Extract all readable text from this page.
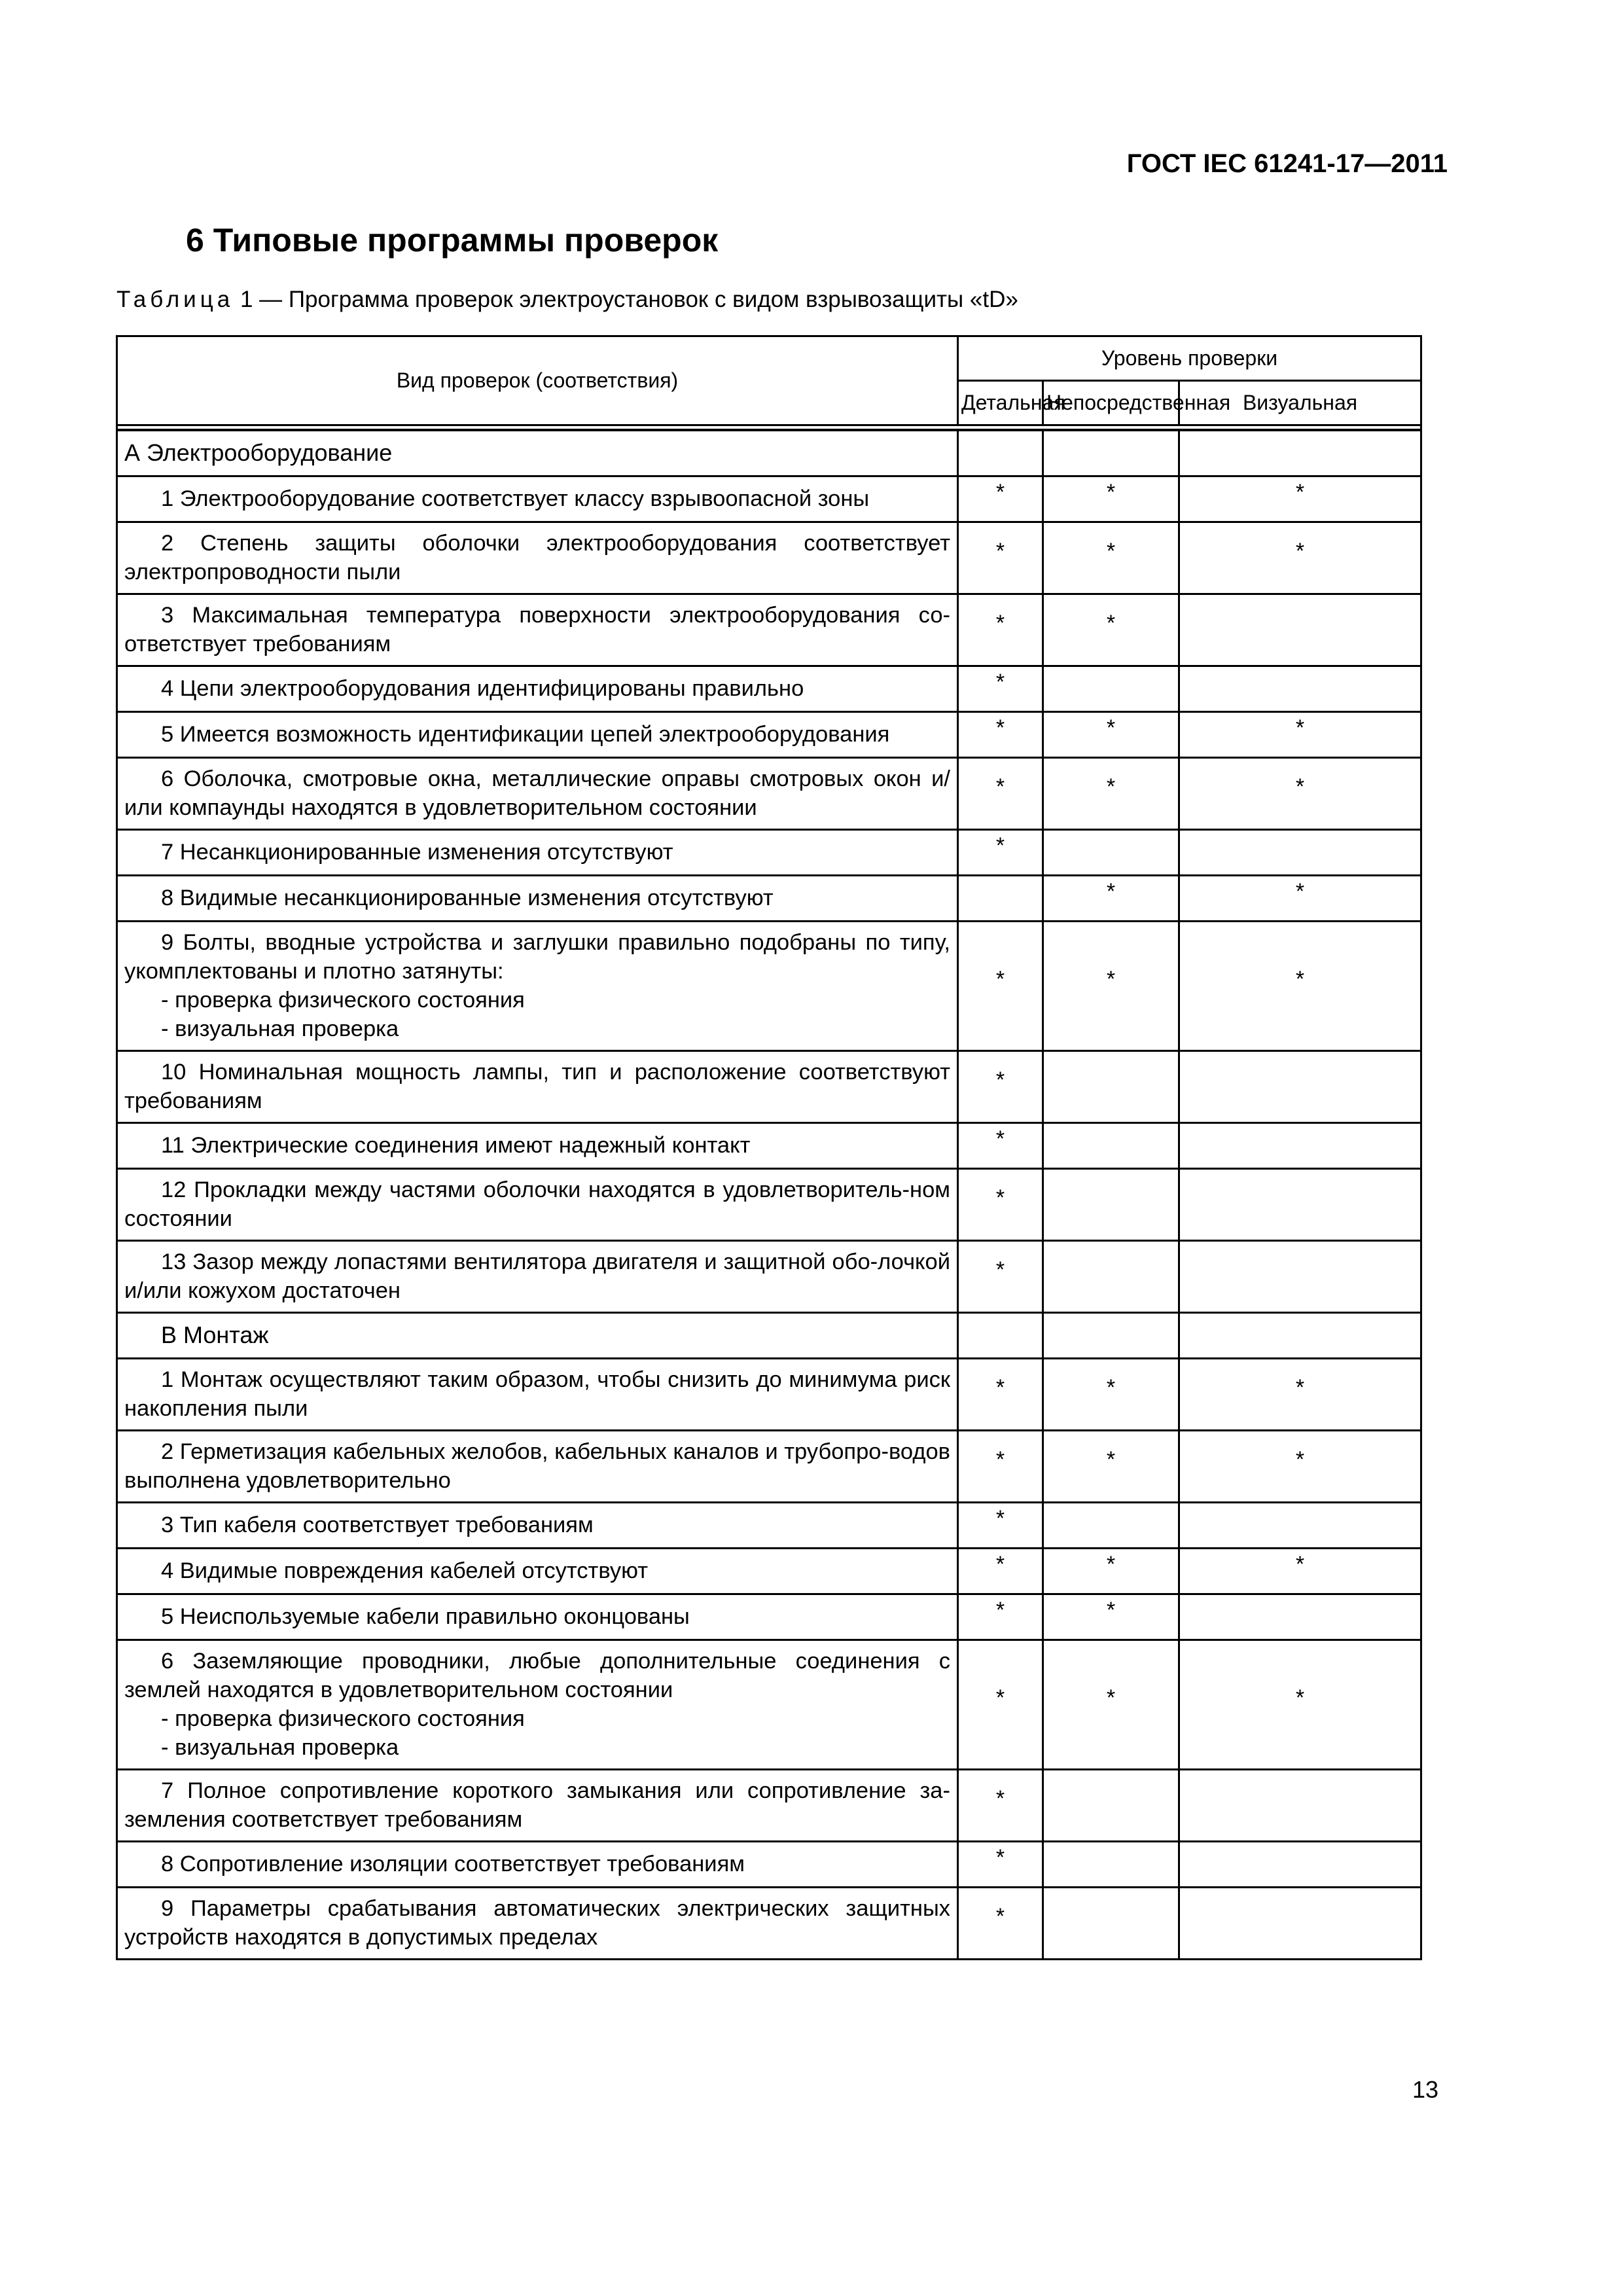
ГОСТ IEC 61241-17—2011
6 Типовые программы проверок
Таблица 1 — Программа проверок электроустановок с видом взрывозащиты «tD»
Вид проверок (соответствия)	Уровень проверки		
	Детальная	Непосредственная	Визуальная

А Электрооборудование			

1 Электрооборудование соответствует классу взрывоопасной зоны	*	*	*

2 Степень защиты оболочки электрооборудования соответствует электропроводности пыли	*	*	*

3 Максимальная температура поверхности электрооборудования со-ответствует требованиям	*	*	

4 Цепи электрооборудования идентифицированы правильно	*		

5 Имеется возможность идентификации цепей электрооборудования	*	*	*

6 Оболочка, смотровые окна, металлические оправы смотровых окон и/или компаунды находятся в удовлетворительном состоянии	*	*	*

7 Несанкционированные изменения отсутствуют	*		

8 Видимые несанкционированные изменения отсутствуют		*	*

9 Болты, вводные устройства и заглушки правильно подобраны по типу, укомплектованы и плотно затянуты:
- проверка физического состояния
- визуальная проверка	*	*	*

10 Номинальная мощность лампы, тип и расположение соответствуют требованиям	*		

11 Электрические соединения имеют надежный контакт	*		

12 Прокладки между частями оболочки находятся в удовлетворитель-ном состоянии	*		

13 Зазор между лопастями вентилятора двигателя и защитной обо-лочкой и/или кожухом достаточен	*		
В Монтаж			

1 Монтаж осуществляют таким образом, чтобы снизить до минимума риск накопления пыли	*	*	*

2 Герметизация кабельных желобов, кабельных каналов и трубопро-водов выполнена удовлетворительно	*	*	*

3 Тип кабеля соответствует требованиям	*		

4 Видимые повреждения кабелей отсутствуют	*	*	*

5 Неиспользуемые кабели правильно оконцованы	*	*	

6 Заземляющие проводники, любые дополнительные соединения с землей находятся в удовлетворительном состоянии
- проверка физического состояния
- визуальная проверка	*	*	*

7 Полное сопротивление короткого замыкания или сопротивление за-земления соответствует требованиям	*		

8 Сопротивление изоляции соответствует требованиям	*		

9 Параметры срабатывания автоматических электрических защитных устройств находятся в допустимых пределах	*		
13
